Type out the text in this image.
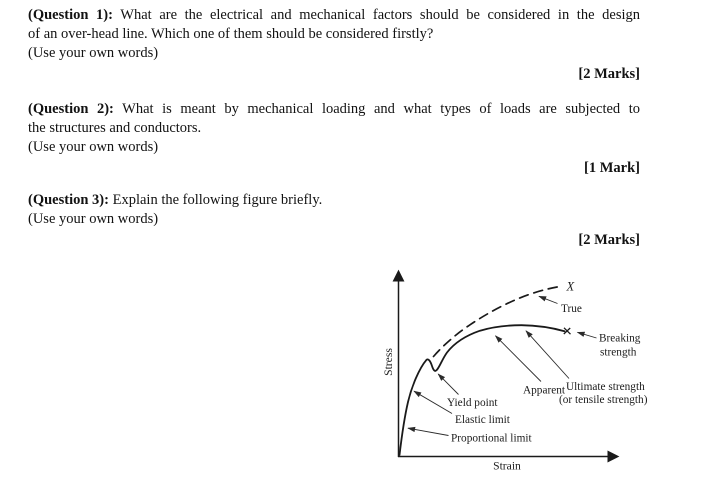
(Question 1): What are the electrical and mechanical factors should be considered in the design
of an over-head line. Which one of them should be considered firstly?
(Use your own words)
[2 Marks]
(Question 2): What is meant by mechanical loading and what types of loads are subjected to
the structures and conductors.
(Use your own words)
[1 Mark]
(Question 3): Explain the following figure briefly.
(Use your own words)
[2 Marks]
X
True
Breaking
strength
Ultimate strength
(or tensile strength)
Apparent
Yield point
Elastic limit
Proportional limit
Stress
Strain
